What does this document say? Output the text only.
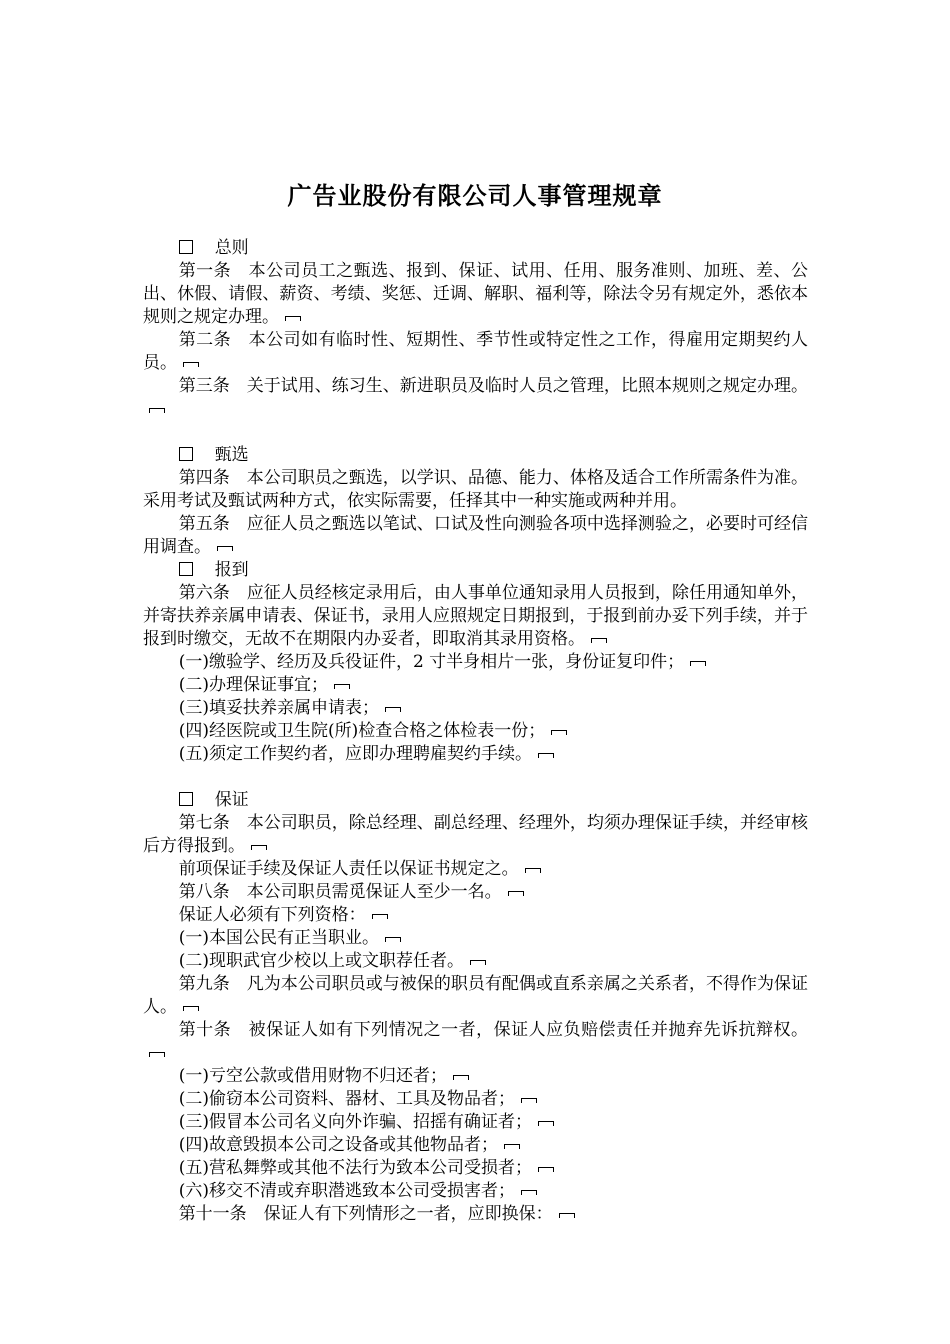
广告业股份有限公司人事管理规章

总则

第一条　本公司员工之甄选、报到、保证、试用、任用、服务准则、加班、差、公出、休假、请假、薪资、考绩、奖惩、迁调、解职、福利等，除法令另有规定外，悉依本规则之规定办理。

第二条　本公司如有临时性、短期性、季节性或特定性之工作，得雇用定期契约人员。

第三条　关于试用、练习生、新进职员及临时人员之管理，比照本规则之规定办理。

甄选

第四条　本公司职员之甄选，以学识、品德、能力、体格及适合工作所需条件为准。采用考试及甄试两种方式，依实际需要，任择其中一种实施或两种并用。

第五条　应征人员之甄选以笔试、口试及性向测验各项中选择测验之，必要时可经信用调查。

报到

第六条　应征人员经核定录用后，由人事单位通知录用人员报到，除任用通知单外，并寄扶养亲属申请表、保证书，录用人应照规定日期报到，于报到前办妥下列手续，并于报到时缴交，无故不在期限内办妥者，即取消其录用资格。

(一)缴验学、经历及兵役证件，2 寸半身相片一张，身份证复印件；

(二)办理保证事宜；

(三)填妥扶养亲属申请表；

(四)经医院或卫生院(所)检查合格之体检表一份；

(五)须定工作契约者，应即办理聘雇契约手续。

保证

第七条　本公司职员，除总经理、副总经理、经理外，均须办理保证手续，并经审核后方得报到。

前项保证手续及保证人责任以保证书规定之。

第八条　本公司职员需觅保证人至少一名。

保证人必须有下列资格：

(一)本国公民有正当职业。

(二)现职武官少校以上或文职荐任者。

第九条　凡为本公司职员或与被保的职员有配偶或直系亲属之关系者，不得作为保证人。

第十条　被保证人如有下列情况之一者，保证人应负赔偿责任并抛弃先诉抗辩权。

(一)亏空公款或借用财物不归还者；

(二)偷窃本公司资料、器材、工具及物品者；

(三)假冒本公司名义向外诈骗、招摇有确证者；

(四)故意毁损本公司之设备或其他物品者；

(五)营私舞弊或其他不法行为致本公司受损者；

(六)移交不清或弃职潜逃致本公司受损害者；

第十一条　保证人有下列情形之一者，应即换保：
